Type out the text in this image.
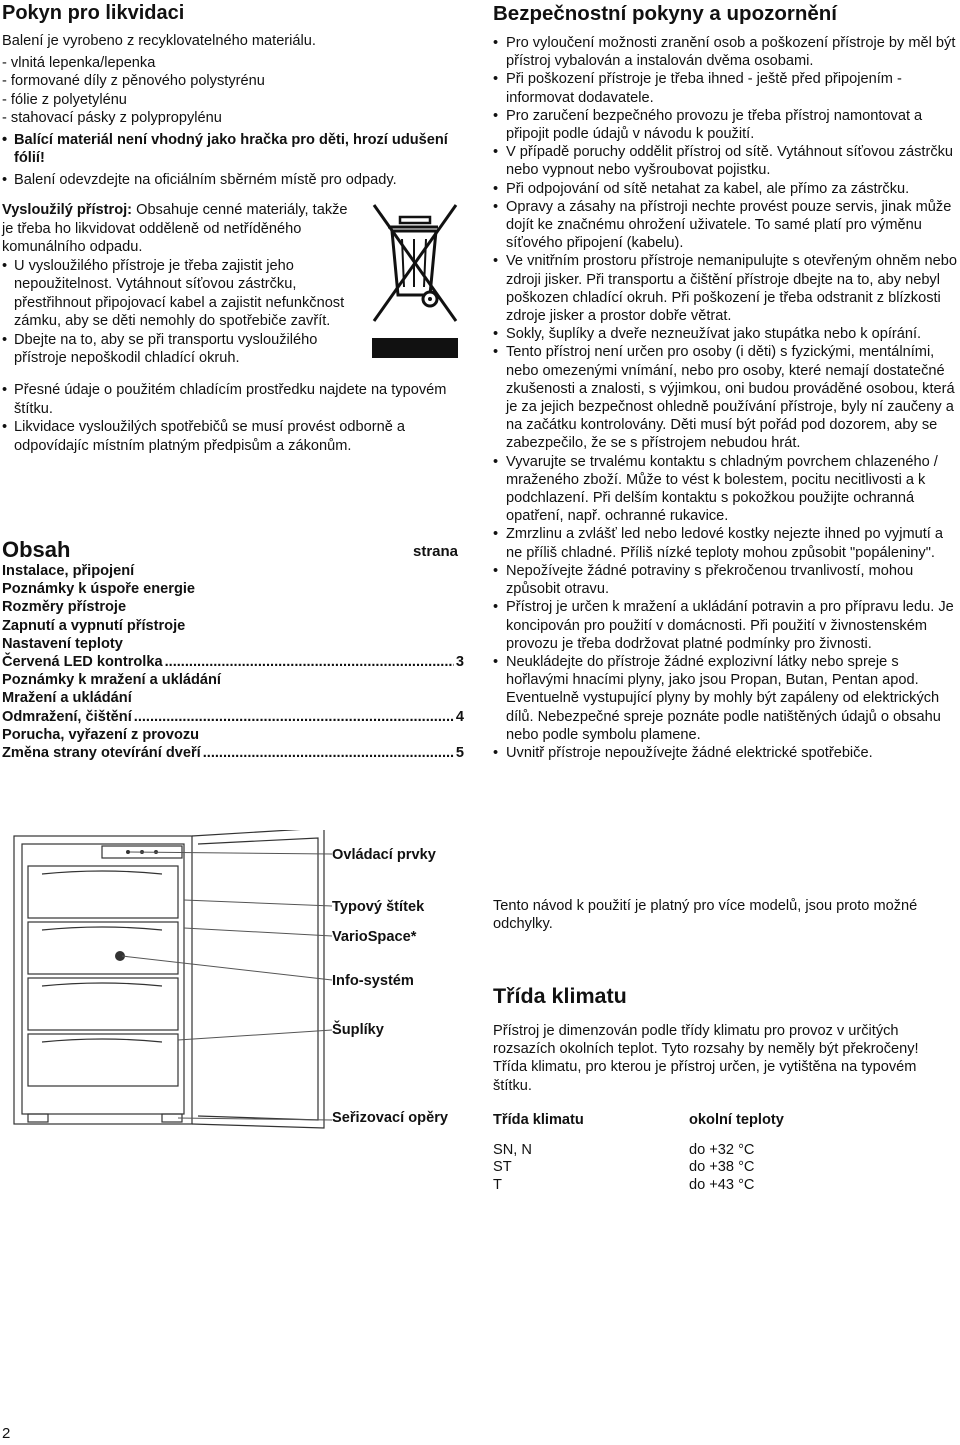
Pokyn pro likvidaci

Balení je vyrobeno z recyklovatelného materiálu.

- vlnitá lepenka/lepenka

- formované díly z pěnového polystyrénu

- fólie z polyetylénu

- stahovací pásky z polypropylénu

• Balící materiál není vhodný jako hračka pro děti, hrozí udušení fólií!

• Balení odevzdejte na oficiálním sběrném místě pro odpady.

Vysloužilý přístroj: Obsahuje cenné materiály, takže je třeba ho likvidovat odděleně od netříděného komunálního odpadu.

• U vysloužilého přístroje je třeba zajistit jeho nepoužitelnost. Vytáhnout síťovou zástrčku, přestřihnout připojovací kabel a zajistit nefunkčnost zámku, aby se děti nemohly do spotřebiče zavřít.

• Dbejte na to, aby se při transportu vysloužilého přístroje nepoškodil chladící okruh.

• Přesné údaje o použitém chladícím prostředku najdete na typovém štítku.

• Likvidace vysloužilých spotřebičů se musí provést odborně a odpovídajíc místním platným předpisům a zákonům.

Obsah	strana
Instalace, připojení
Poznámky k úspoře energie
Rozměry přístroje
Zapnutí a vypnutí přístroje
Nastavení teploty
Červená LED kontrolka .....	3
Poznámky k mražení a ukládání
Mražení a ukládání
Odmražení, čištění .....	4
Porucha, vyřazení z provozu
Změna strany otevírání dveří .....	5
Ovládací prvky
Typový štítek
VarioSpace*
Info-systém
Šuplíky
Seřizovací opěry
Bezpečnostní pokyny a upozornění
• Pro vyloučení možnosti zranění osob a poškození přístroje by měl být přístroj vybalován a instalován dvěma osobami.
• Při poškození přístroje je třeba ihned - ještě před připojením - informovat dodavatele.
• Pro zaručení bezpečného provozu je třeba přístroj namontovat a připojit podle údajů v návodu k použití.
• V případě poruchy oddělit přístroj od sítě. Vytáhnout síťovou zástrčku nebo vypnout nebo vyšroubovat pojistku.
• Při odpojování od sítě netahat za kabel, ale přímo za zástrčku.
• Opravy a zásahy na přístroji nechte provést pouze servis, jinak může dojít ke značnému ohrožení uživatele. To samé platí pro výměnu síťového připojení (kabelu).
• Ve vnitřním prostoru přístroje nemanipulujte s otevřeným ohněm nebo zdroji jisker. Při transportu a čištění přístroje dbejte na to, aby nebyl poškozen chladící okruh. Při poškození je třeba odstranit z blízkosti zdroje jisker a prostor dobře větrat.
• Sokly, šuplíky a dveře nezneužívat jako stupátka nebo k opírání.
• Tento přístroj není určen pro osoby (i děti) s fyzickými, mentálními, nebo omezenými vnímání, nebo pro osoby, které nemají dostatečné zkušenosti a znalosti, s výjimkou, oni budou prováděné osobou, která je za jejich bezpečnost ohledně používání přístroje, byly ní zaučeny a na začátku kontrolovány. Děti musí být pořád pod dozorem, aby se zabezpečilo, že se s přístrojem nebudou hrát.
• Vyvarujte se trvalému kontaktu s chladným povrchem chlazeného / mraženého zboží. Může to vést k bolestem, pocitu necitlivosti a k podchlazení. Při delším kontaktu s pokožkou použijte ochranná opatření, např. ochranné rukavice.
• Zmrzlinu a zvlášť led nebo ledové kostky nejezte ihned po vyjmutí a ne příliš chladné. Příliš nízké teploty mohou způsobit "popáleniny".
• Nepožívejte žádné potraviny s překročenou trvanlivostí, mohou způsobit otravu.
• Přístroj je určen k mražení a ukládání potravin a pro přípravu ledu. Je koncipován pro použití v domácnosti. Při použití v živnostenském provozu je třeba dodržovat platné podmínky pro živnosti.
• Neukládejte do přístroje žádné explozivní látky nebo spreje s hořlavými hnacími plyny, jako jsou Propan, Butan, Pentan apod. Eventuelně vystupující plyny by mohly být zapáleny od elektrických dílů. Nebezpečné spreje poznáte podle natištěných údajů o obsahu nebo podle symbolu plamene.
• Uvnitř přístroje nepoužívejte žádné elektrické spotřebiče.

Tento návod k použití je platný pro více modelů, jsou proto možné odchylky.

Třída klimatu

Přístroj je dimenzován podle třídy klimatu pro provoz v určitých rozsazích okolních teplot. Tyto rozsahy by neměly být překročeny! Třída klimatu, pro kterou je přístroj určen, je vytištěna na typovém štítku.

Třída klimatu	okolní teploty
SN, N	do +32 °C
ST	do +38 °C
T	do +43 °C
2
